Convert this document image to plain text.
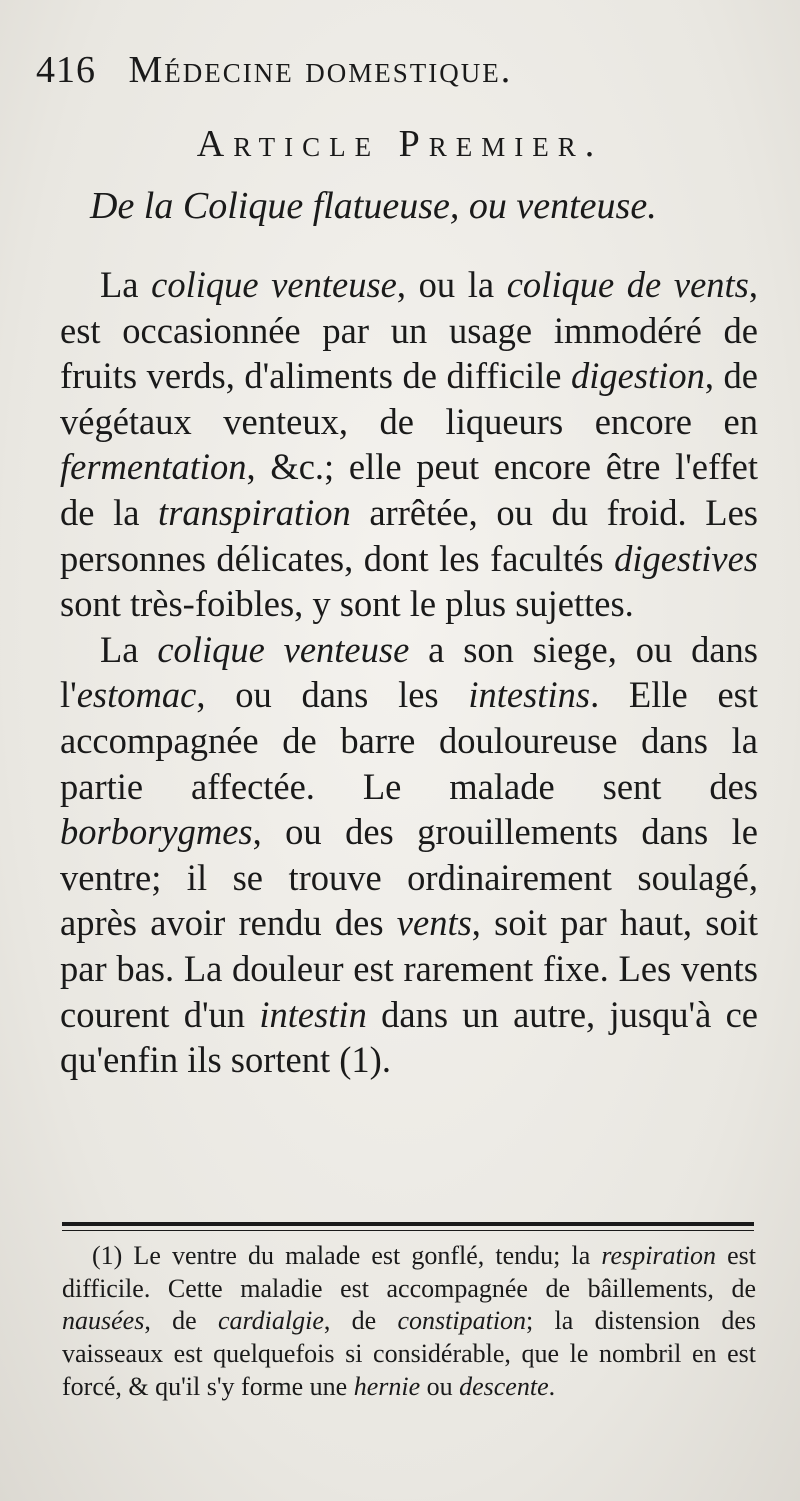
416 Médecine domestique.
Article Premier.
De la Colique flatueuse, ou venteuse.

La colique venteuse, ou la colique de vents, est occasionnée par un usage immodéré de fruits verds, d'aliments de difficile digestion, de végétaux venteux, de liqueurs encore en fermentation, &c.; elle peut encore être l'effet de la transpiration arrêtée, ou du froid. Les personnes délicates, dont les facultés digestives sont très-foibles, y sont le plus sujettes.

La colique venteuse a son siege, ou dans l'estomac, ou dans les intestins. Elle est accompagnée de barre douloureuse dans la partie affectée. Le malade sent des borborygmes, ou des grouillements dans le ventre; il se trouve ordinairement soulagé, après avoir rendu des vents, soit par haut, soit par bas. La douleur est rarement fixe. Les vents courent d'un intestin dans un autre, jusqu'à ce qu'enfin ils sortent (1).

(1) Le ventre du malade est gonflé, tendu; la respiration est difficile. Cette maladie est accompagnée de bâillements, de nausées, de cardialgie, de constipation; la distension des vaisseaux est quelquefois si considérable, que le nombril en est forcé, & qu'il s'y forme une hernie ou descente.
